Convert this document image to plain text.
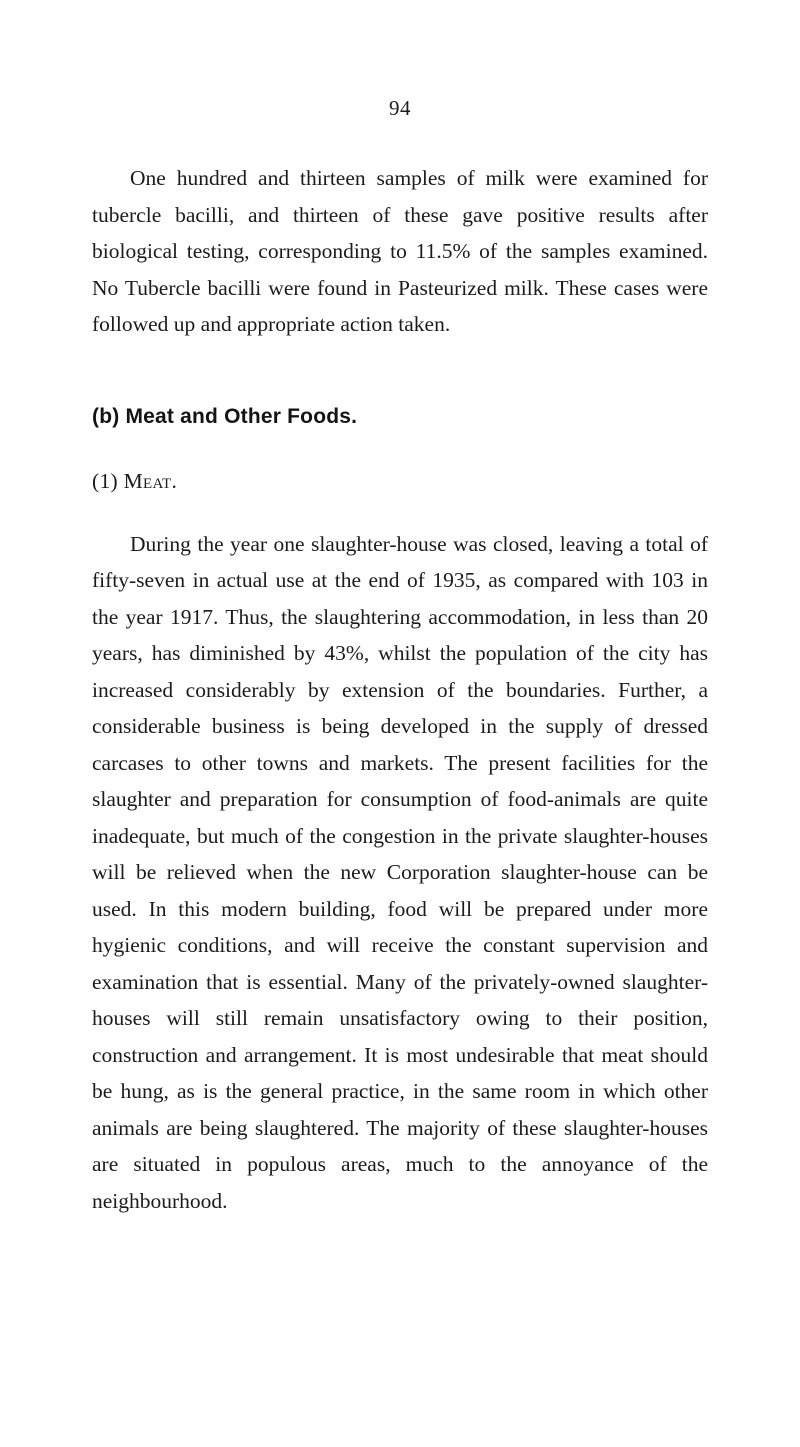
94

One hundred and thirteen samples of milk were examined for tubercle bacilli, and thirteen of these gave positive results after biological testing, corresponding to 11.5% of the samples examined. No Tubercle bacilli were found in Pasteurized milk. These cases were followed up and appropriate action taken.

(b) Meat and Other Foods.
(1) Meat.

During the year one slaughter-house was closed, leaving a total of fifty-seven in actual use at the end of 1935, as compared with 103 in the year 1917. Thus, the slaughtering accommodation, in less than 20 years, has diminished by 43%, whilst the population of the city has increased considerably by extension of the boundaries. Further, a considerable business is being developed in the supply of dressed carcases to other towns and markets. The present facilities for the slaughter and preparation for consumption of food-animals are quite inadequate, but much of the congestion in the private slaughter-houses will be relieved when the new Corporation slaughter-house can be used. In this modern building, food will be prepared under more hygienic conditions, and will receive the constant supervision and examination that is essential. Many of the privately-owned slaughter-houses will still remain unsatisfactory owing to their position, construction and arrangement. It is most undesirable that meat should be hung, as is the general practice, in the same room in which other animals are being slaughtered. The majority of these slaughter-houses are situated in populous areas, much to the annoyance of the neighbourhood.
